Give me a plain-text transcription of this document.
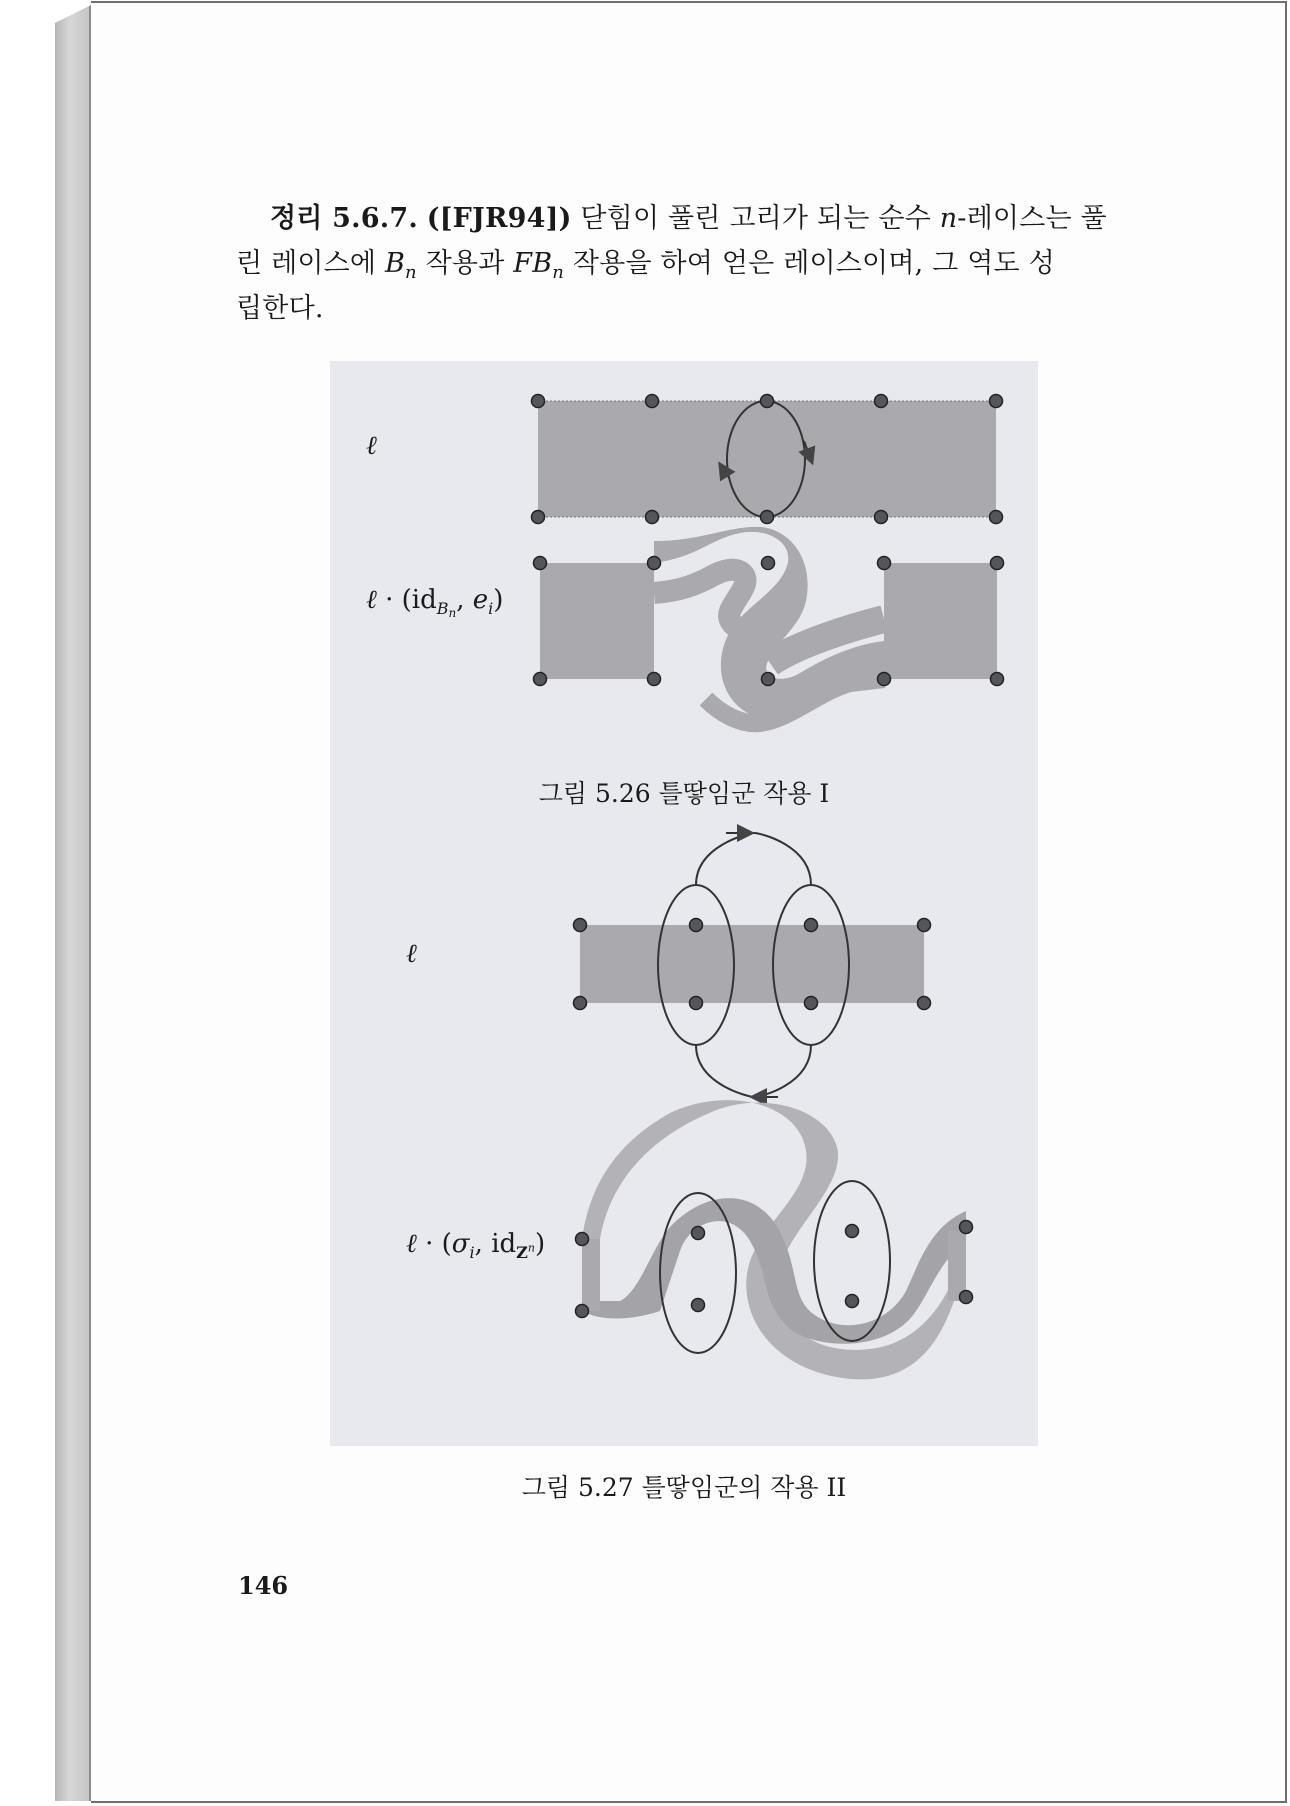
정리 5.6.7. ([FJR94]) 닫힘이 풀린 고리가 되는 순수 n-레이스는 풀
린 레이스에 $B_n$ 작용과 $FB_n$ 작용을 하여 얻은 레이스이며, 그 역도 성
립한다.
ℓ
ℓ · ($id_{B_n}$, $e_i$)
ℓ
ℓ · ($\sigma_i$, $id_{Z^n}$)
그림 5.26 틀땋임군 작용 I
그림 5.27 틀땋임군의 작용 II
146
